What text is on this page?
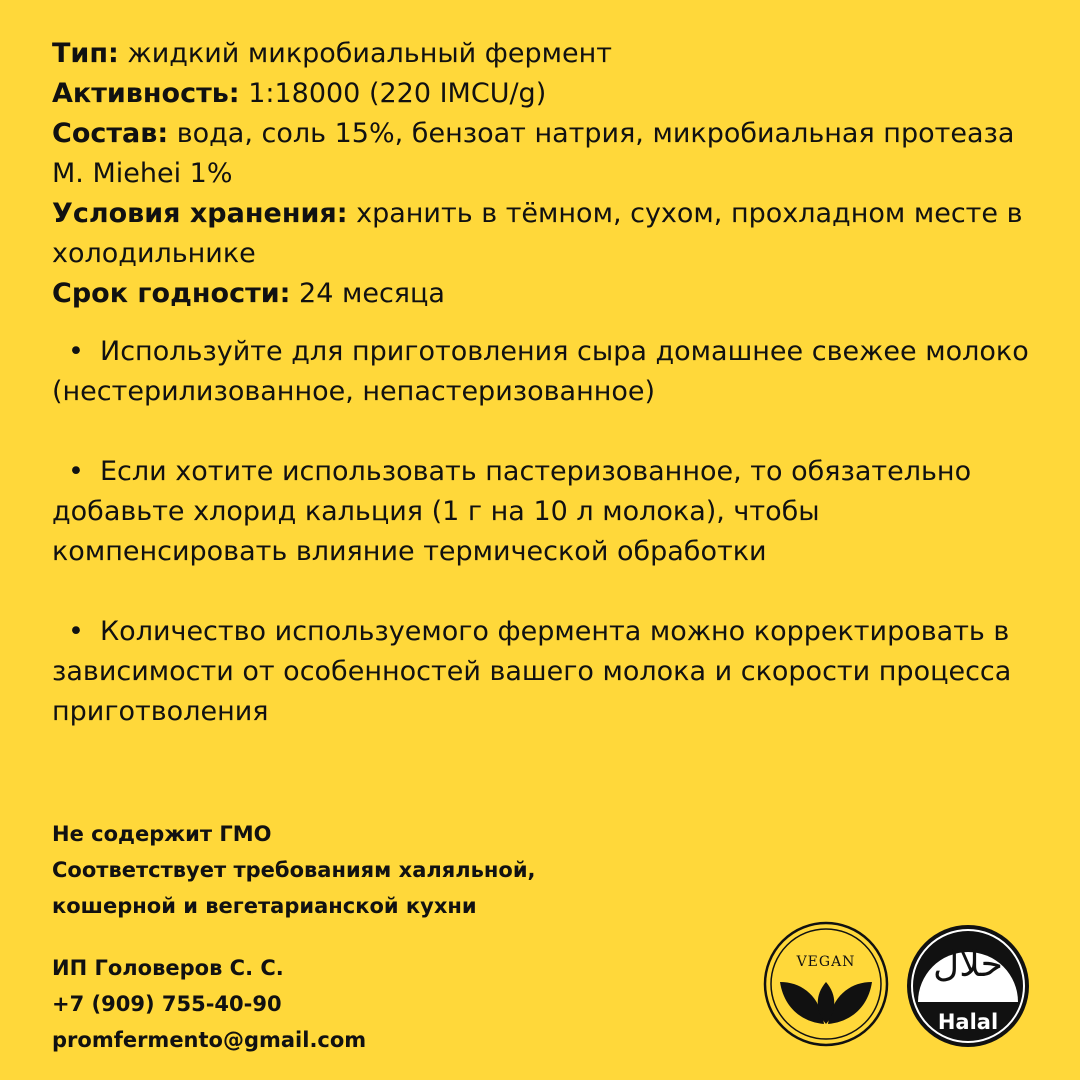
Тип: жидкий микробиальный фермент
Активность: 1:18000 (220 IMCU/g)
Состав: вода, соль 15%, бензоат натрия, микробиальная протеаза M. Miehei 1%
Условия хранения: хранить в тёмном, сухом, прохладном месте в холодильнике
Срок годности: 24 месяца
• Используйте для приготовления сыра домашнее свежее молоко (нестерилизованное, непастеризованное)
• Если хотите использовать пастеризованное, то обязательно добавьте хлорид кальция (1 г на 10 л молока), чтобы компенсировать влияние термической обработки
• Количество используемого фермента можно корректировать в зависимости от особенностей вашего молока и скорости процесса приготволения
Не содержит ГМО
Соответствует требованиям халяльной,
кошерной и вегетарианской кухни
ИП Головеров С. С.
+7 (909) 755-40-90
promfermento@gmail.com
VEGAN	حلال
Halal
